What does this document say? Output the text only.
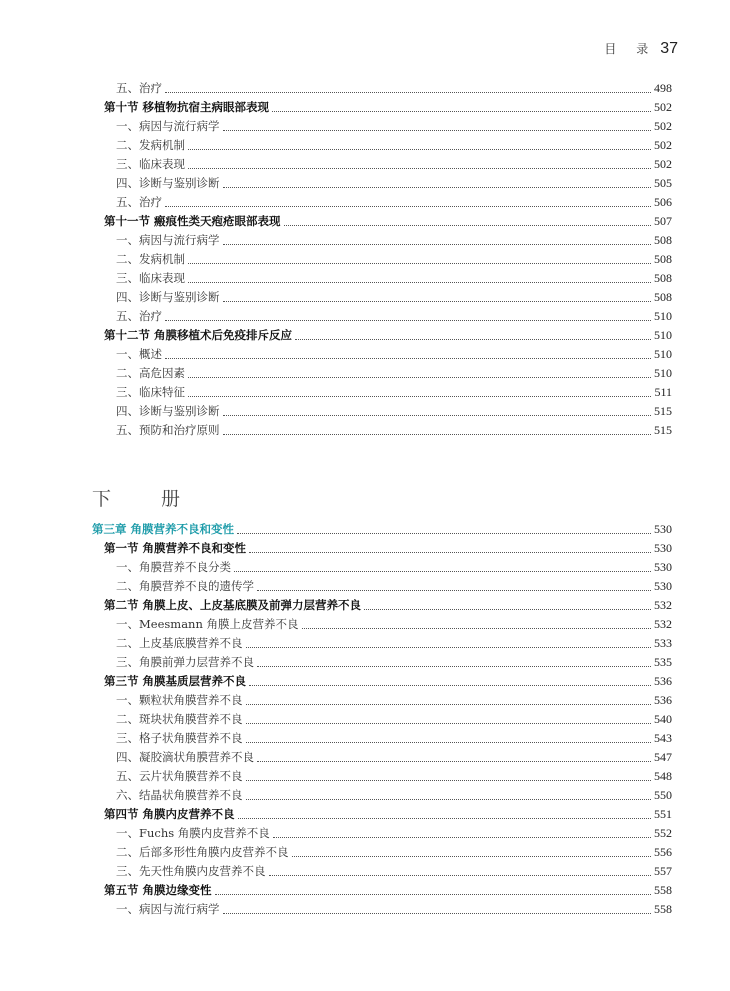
目 录 37
五、治疗	498
第十节 移植物抗宿主病眼部表现	502
一、病因与流行病学	502
二、发病机制	502
三、临床表现	502
四、诊断与鉴别诊断	505
五、治疗	506
第十一节 瘢痕性类天疱疮眼部表现	507
一、病因与流行病学	508
二、发病机制	508
三、临床表现	508
四、诊断与鉴别诊断	508
五、治疗	510
第十二节 角膜移植术后免疫排斥反应	510
一、概述	510
二、高危因素	510
三、临床特征	511
四、诊断与鉴别诊断	515
五、预防和治疗原则	515
下 册
第三章 角膜营养不良和变性	530
第一节 角膜营养不良和变性	530
一、角膜营养不良分类	530
二、角膜营养不良的遗传学	530
第二节 角膜上皮、上皮基底膜及前弹力层营养不良	532
一、Meesmann 角膜上皮营养不良	532
二、上皮基底膜营养不良	533
三、角膜前弹力层营养不良	535
第三节 角膜基质层营养不良	536
一、颗粒状角膜营养不良	536
二、斑块状角膜营养不良	540
三、格子状角膜营养不良	543
四、凝胶滴状角膜营养不良	547
五、云片状角膜营养不良	548
六、结晶状角膜营养不良	550
第四节 角膜内皮营养不良	551
一、Fuchs 角膜内皮营养不良	552
二、后部多形性角膜内皮营养不良	556
三、先天性角膜内皮营养不良	557
第五节 角膜边缘变性	558
一、病因与流行病学	558
